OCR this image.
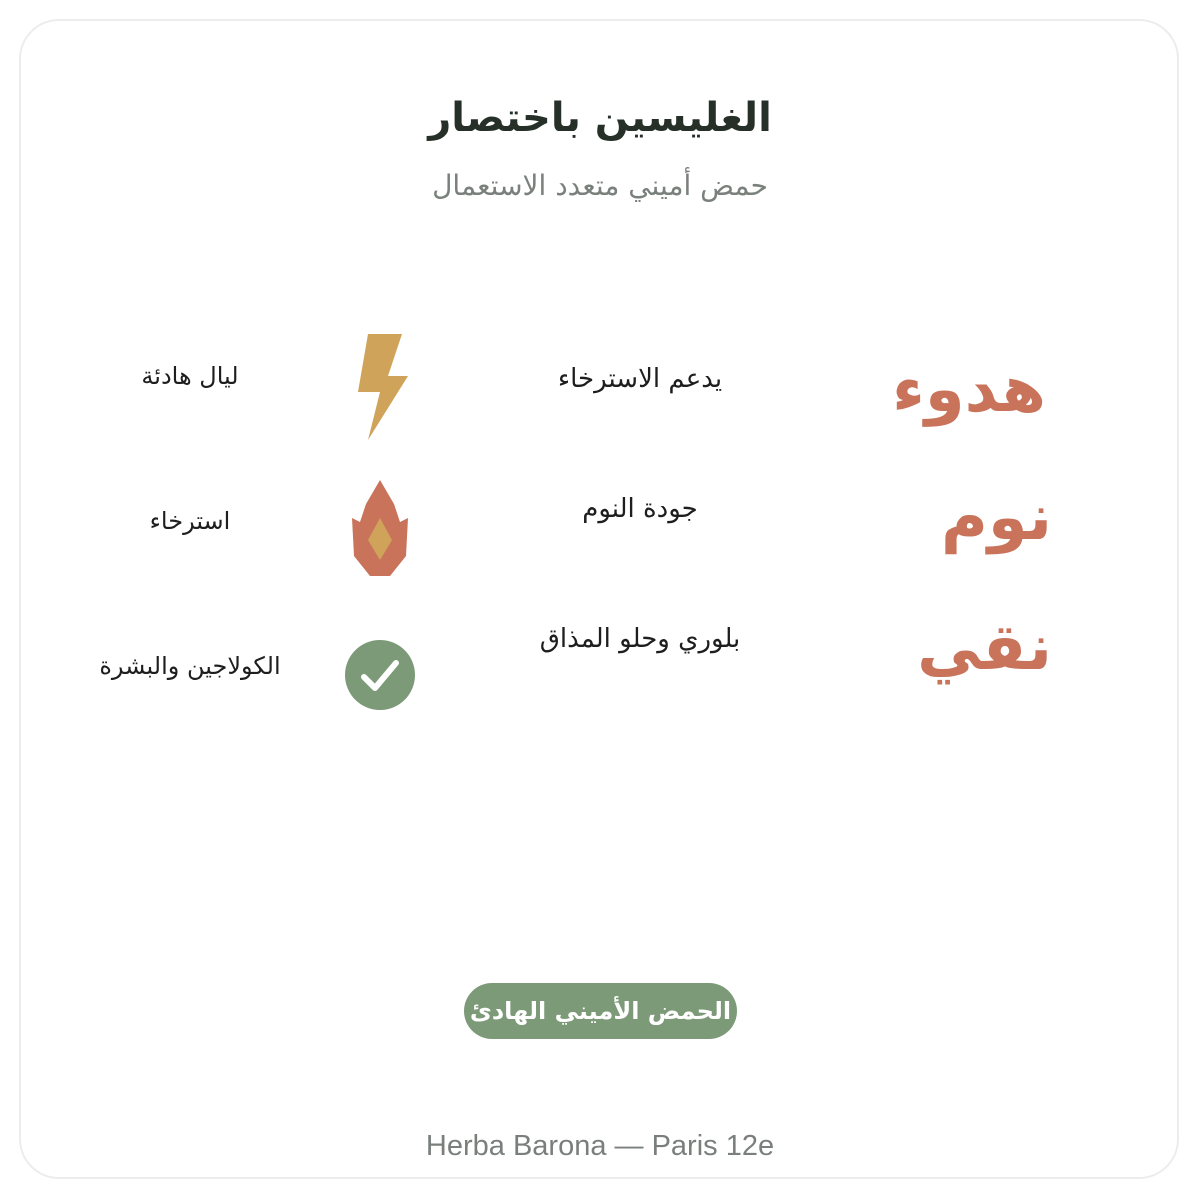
الغليسين باختصار
حمض أميني متعدد الاستعمال
هدوء
يدعم الاسترخاء
ليال هادئة
نوم
جودة النوم
استرخاء
نقي
بلوري وحلو المذاق
الكولاجين والبشرة
الحمض الأميني الهادئ
Herba Barona — Paris 12e
